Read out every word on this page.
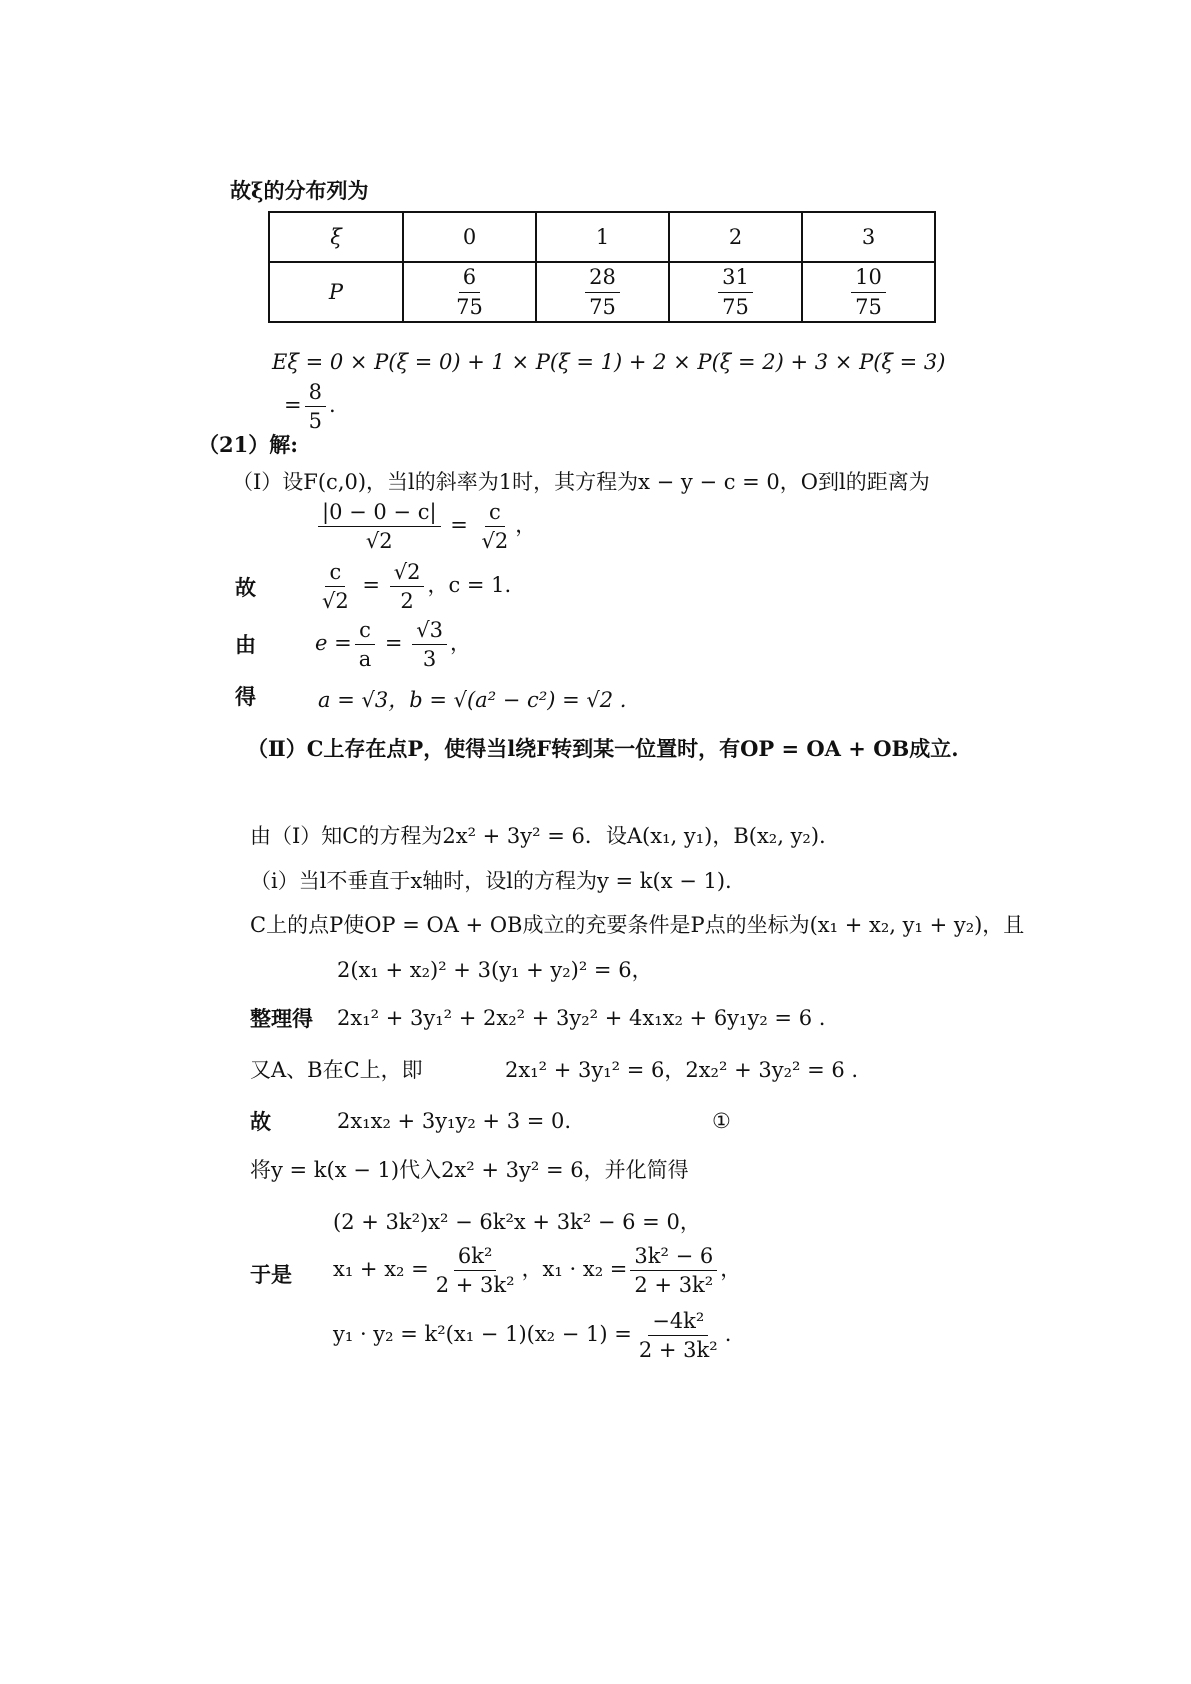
故ξ的分布列为
ξ	0	1	2	3
P	$\frac{6}{75}$	$\frac{28}{75}$	$\frac{31}{75}$	$\frac{10}{75}$
Eξ = 0 × P(ξ = 0) + 1 × P(ξ = 1) + 2 × P(ξ = 2) + 3 × P(ξ = 3)
= $\frac{8}{5}$ .
（21）解:
（Ⅰ）设F(c,0)，当l的斜率为1时，其方程为x − y − c = 0，O到l的距离为
$\frac{|0 - 0 - c|}{√2} = \frac{c}{√2}$ ，
故	$\frac{c}{√2} = \frac{√2}{2}$ ，c = 1.
由	$e = \frac{c}{a} = \frac{√3}{3}$ ，
得	a = √3，b = √(a² − c²) = √2 .
（Ⅱ）C上存在点P，使得当l绕F转到某一位置时，有OP = OA + OB成立.
由（Ⅰ）知C的方程为2x² + 3y² = 6．设A(x₁, y₁)，B(x₂, y₂).
（ⅰ）当l不垂直于x轴时，设l的方程为y = k(x − 1).
C上的点P使OP = OA + OB成立的充要条件是P点的坐标为(x₁ + x₂, y₁ + y₂)，且
2(x₁ + x₂)² + 3(y₁ + y₂)² = 6，
整理得 2x₁² + 3y₁² + 2x₂² + 3y₂² + 4x₁x₂ + 6y₁y₂ = 6 .
又A、B在C上，即	2x₁² + 3y₁² = 6，2x₂² + 3y₂² = 6 .
故	2x₁x₂ + 3y₁y₂ + 3 = 0.	①
将y = k(x − 1)代入2x² + 3y² = 6，并化简得
(2 + 3k²)x² − 6k²x + 3k² − 6 = 0，
于是 $x_1 + x_2 = \frac{\text{6k²}}{\text{2 + 3k²}}$ ，$x_1 \cdot x_2 = \frac{\text{3k² − 6}}{\text{2 + 3k²}}$ ，
$y_1 \cdot y_2 = k^2(x_1 - 1)(x_2 - 1) = \frac{\text{−4k²}}{\text{2 + 3k²}}$ .
